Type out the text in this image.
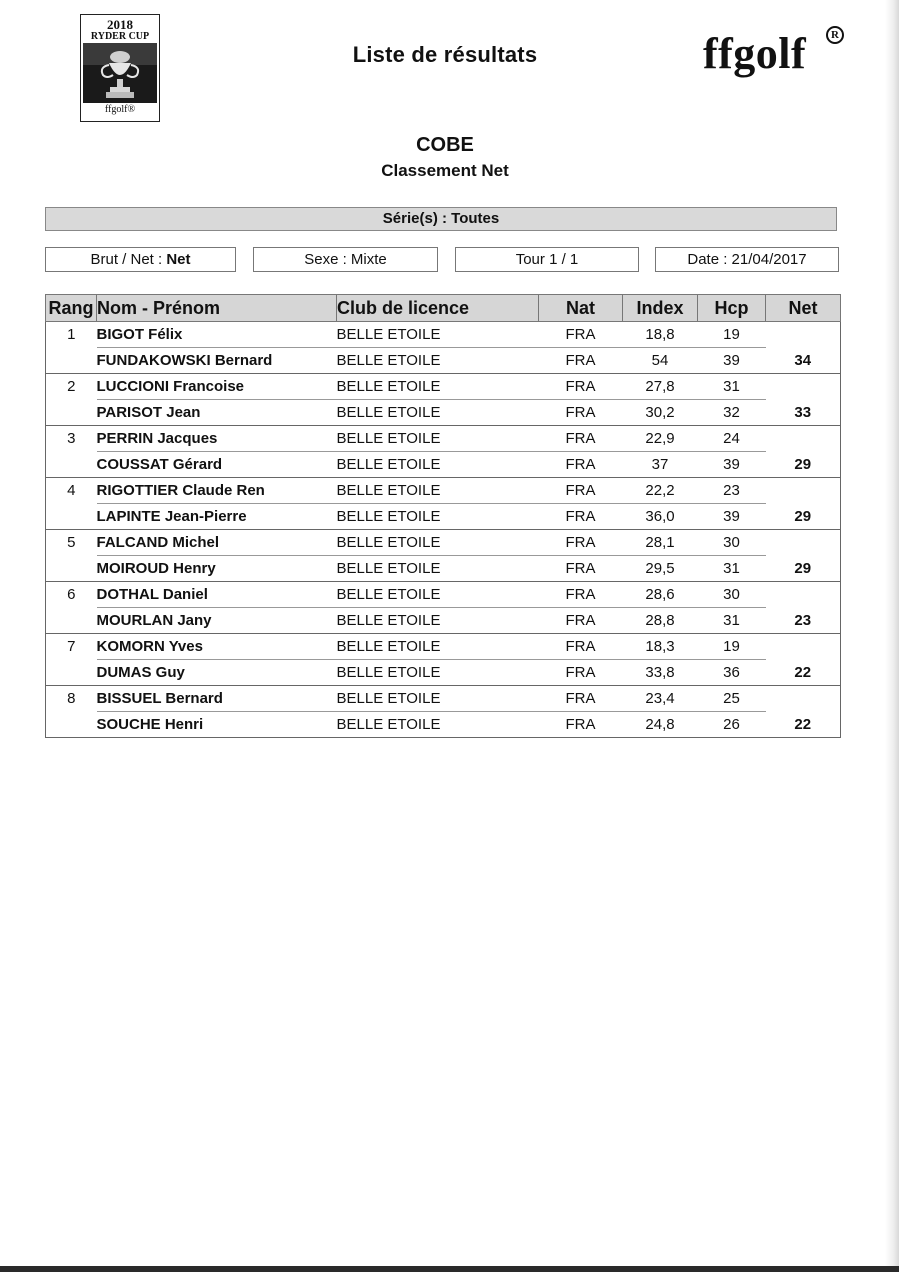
2018
RYDER CUP
ffgolf®
Liste de résultats	ffgolf	R
COBE
Classement Net
Série(s) : Toutes
Brut / Net : Net	Sexe : Mixte	Tour 1 / 1	Date : 21/04/2017
Rang	Nom - Prénom	Club de licence	Nat	Index	Hcp	Net
1	BIGOT Félix	BELLE ETOILE	FRA	18,8	19	
	FUNDAKOWSKI Bernard	BELLE ETOILE	FRA	54	39	34
2	LUCCIONI Francoise	BELLE ETOILE	FRA	27,8	31	
	PARISOT Jean	BELLE ETOILE	FRA	30,2	32	33
3	PERRIN Jacques	BELLE ETOILE	FRA	22,9	24	
	COUSSAT Gérard	BELLE ETOILE	FRA	37	39	29
4	RIGOTTIER Claude Ren	BELLE ETOILE	FRA	22,2	23	
	LAPINTE Jean-Pierre	BELLE ETOILE	FRA	36,0	39	29
5	FALCAND Michel	BELLE ETOILE	FRA	28,1	30	
	MOIROUD Henry	BELLE ETOILE	FRA	29,5	31	29
6	DOTHAL Daniel	BELLE ETOILE	FRA	28,6	30	
	MOURLAN Jany	BELLE ETOILE	FRA	28,8	31	23
7	KOMORN Yves	BELLE ETOILE	FRA	18,3	19	
	DUMAS Guy	BELLE ETOILE	FRA	33,8	36	22
8	BISSUEL Bernard	BELLE ETOILE	FRA	23,4	25	
	SOUCHE Henri	BELLE ETOILE	FRA	24,8	26	22
